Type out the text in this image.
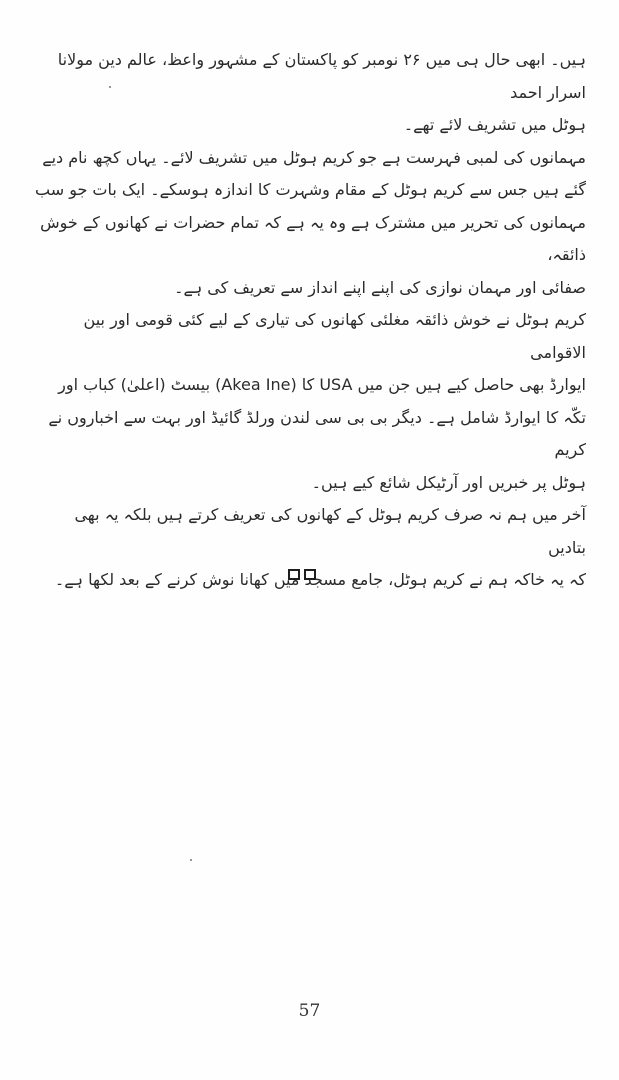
ہیں۔ ابھی حال ہی میں ۲۶ نومبر کو پاکستان کے مشہور واعظ، عالم دین مولانا اسرار احمد

ہوٹل میں تشریف لائے تھے۔

مہمانوں کی لمبی فہرست ہے جو کریم ہوٹل میں تشریف لائے۔ یہاں کچھ نام دیے

گئے ہیں جس سے کریم ہوٹل کے مقام وشہرت کا اندازہ ہوسکے۔ ایک بات جو سب

مہمانوں کی تحریر میں مشترک ہے وہ یہ ہے کہ تمام حضرات نے کھانوں کے خوش ذائقہ،

صفائی اور مہمان نوازی کی اپنے اپنے انداز سے تعریف کی ہے۔

کریم ہوٹل نے خوش ذائقہ مغلئی کھانوں کی تیاری کے لیے کئی قومی اور بین الاقوامی

ایوارڈ بھی حاصل کیے ہیں جن میں USA کا (Akea Ine) بیسٹ (اعلیٰ) کباب اور

تکّہ کا ایوارڈ شامل ہے۔ دیگر بی بی سی لندن ورلڈ گائیڈ اور بہت سے اخباروں نے کریم

ہوٹل پر خبریں اور آرٹیکل شائع کیے ہیں۔

آخر میں ہم نہ صرف کریم ہوٹل کے کھانوں کی تعریف کرتے ہیں بلکہ یہ بھی بتادیں

کہ یہ خاکہ ہم نے کریم ہوٹل، جامع مسجد میں کھانا نوش کرنے کے بعد لکھا ہے۔

57
